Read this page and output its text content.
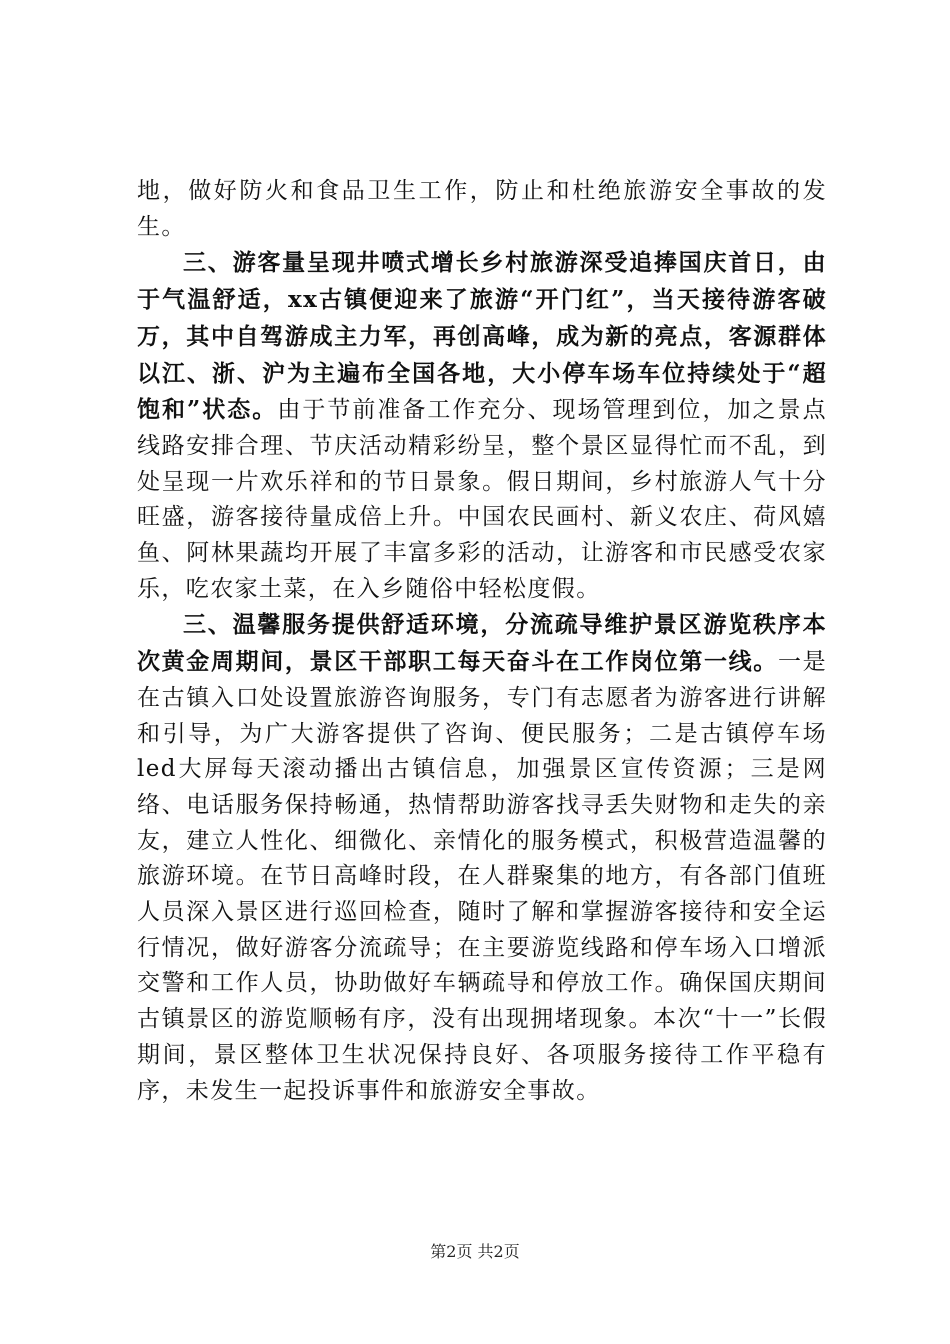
地，做好防火和食品卫生工作，防止和杜绝旅游安全事故的发生。

三、游客量呈现井喷式增长乡村旅游深受追捧国庆首日，由于气温舒适，xx古镇便迎来了旅游“开门红”，当天接待游客破万，其中自驾游成主力军，再创高峰，成为新的亮点，客源群体以江、浙、沪为主遍布全国各地，大小停车场车位持续处于“超饱和”状态。由于节前准备工作充分、现场管理到位，加之景点线路安排合理、节庆活动精彩纷呈，整个景区显得忙而不乱，到处呈现一片欢乐祥和的节日景象。假日期间，乡村旅游人气十分旺盛，游客接待量成倍上升。中国农民画村、新义农庄、荷风嬉鱼、阿林果蔬均开展了丰富多彩的活动，让游客和市民感受农家乐，吃农家土菜，在入乡随俗中轻松度假。

三、温馨服务提供舒适环境，分流疏导维护景区游览秩序本次黄金周期间，景区干部职工每天奋斗在工作岗位第一线。一是在古镇入口处设置旅游咨询服务，专门有志愿者为游客进行讲解和引导，为广大游客提供了咨询、便民服务；二是古镇停车场led大屏每天滚动播出古镇信息，加强景区宣传资源；三是网络、电话服务保持畅通，热情帮助游客找寻丢失财物和走失的亲友，建立人性化、细微化、亲情化的服务模式，积极营造温馨的旅游环境。在节日高峰时段，在人群聚集的地方，有各部门值班人员深入景区进行巡回检查，随时了解和掌握游客接待和安全运行情况，做好游客分流疏导；在主要游览线路和停车场入口增派交警和工作人员，协助做好车辆疏导和停放工作。确保国庆期间古镇景区的游览顺畅有序，没有出现拥堵现象。本次“十一”长假期间，景区整体卫生状况保持良好、各项服务接待工作平稳有序，未发生一起投诉事件和旅游安全事故。

第2页 共2页
